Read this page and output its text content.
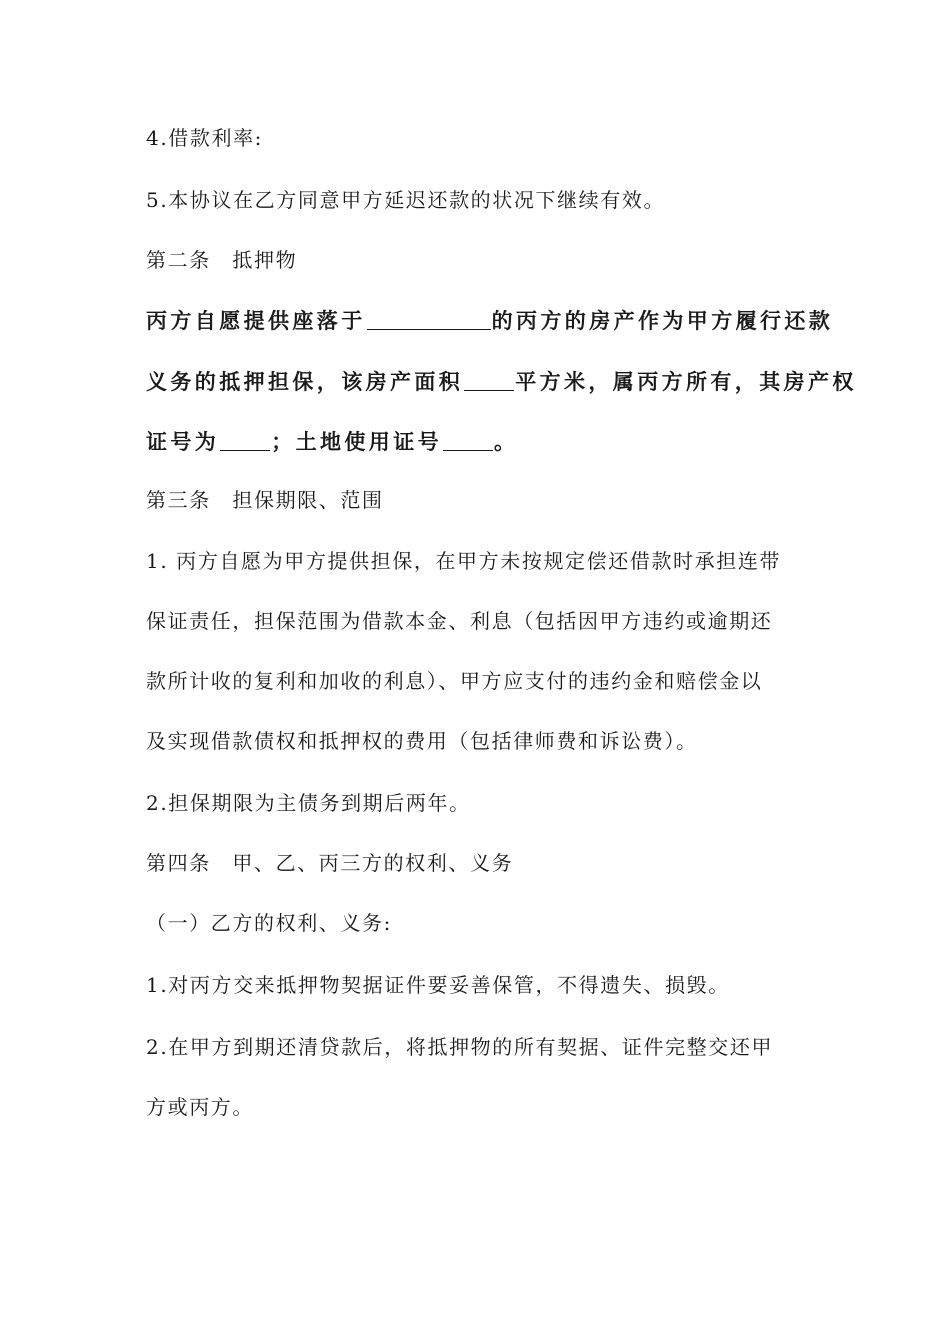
4.借款利率:
5.本协议在乙方同意甲方延迟还款的状况下继续有效。
第二条　抵押物
丙方自愿提供座落于	的丙方的房产作为甲方履行还款
义务的抵押担保，该房产面积 平方米，属丙方所有，其房产权
证号为 ；土地使用证号 。
第三条　担保期限、范围
1. 丙方自愿为甲方提供担保，在甲方未按规定偿还借款时承担连带
保证责任，担保范围为借款本金、利息（包括因甲方违约或逾期还
款所计收的复利和加收的利息）、甲方应支付的违约金和赔偿金以
及实现借款债权和抵押权的费用（包括律师费和诉讼费）。
2.担保期限为主债务到期后两年。
第四条　甲、乙、丙三方的权利、义务
（一）乙方的权利、义务:
1.对丙方交来抵押物契据证件要妥善保管，不得遗失、损毁。
2.在甲方到期还清贷款后，将抵押物的所有契据、证件完整交还甲
方或丙方。
